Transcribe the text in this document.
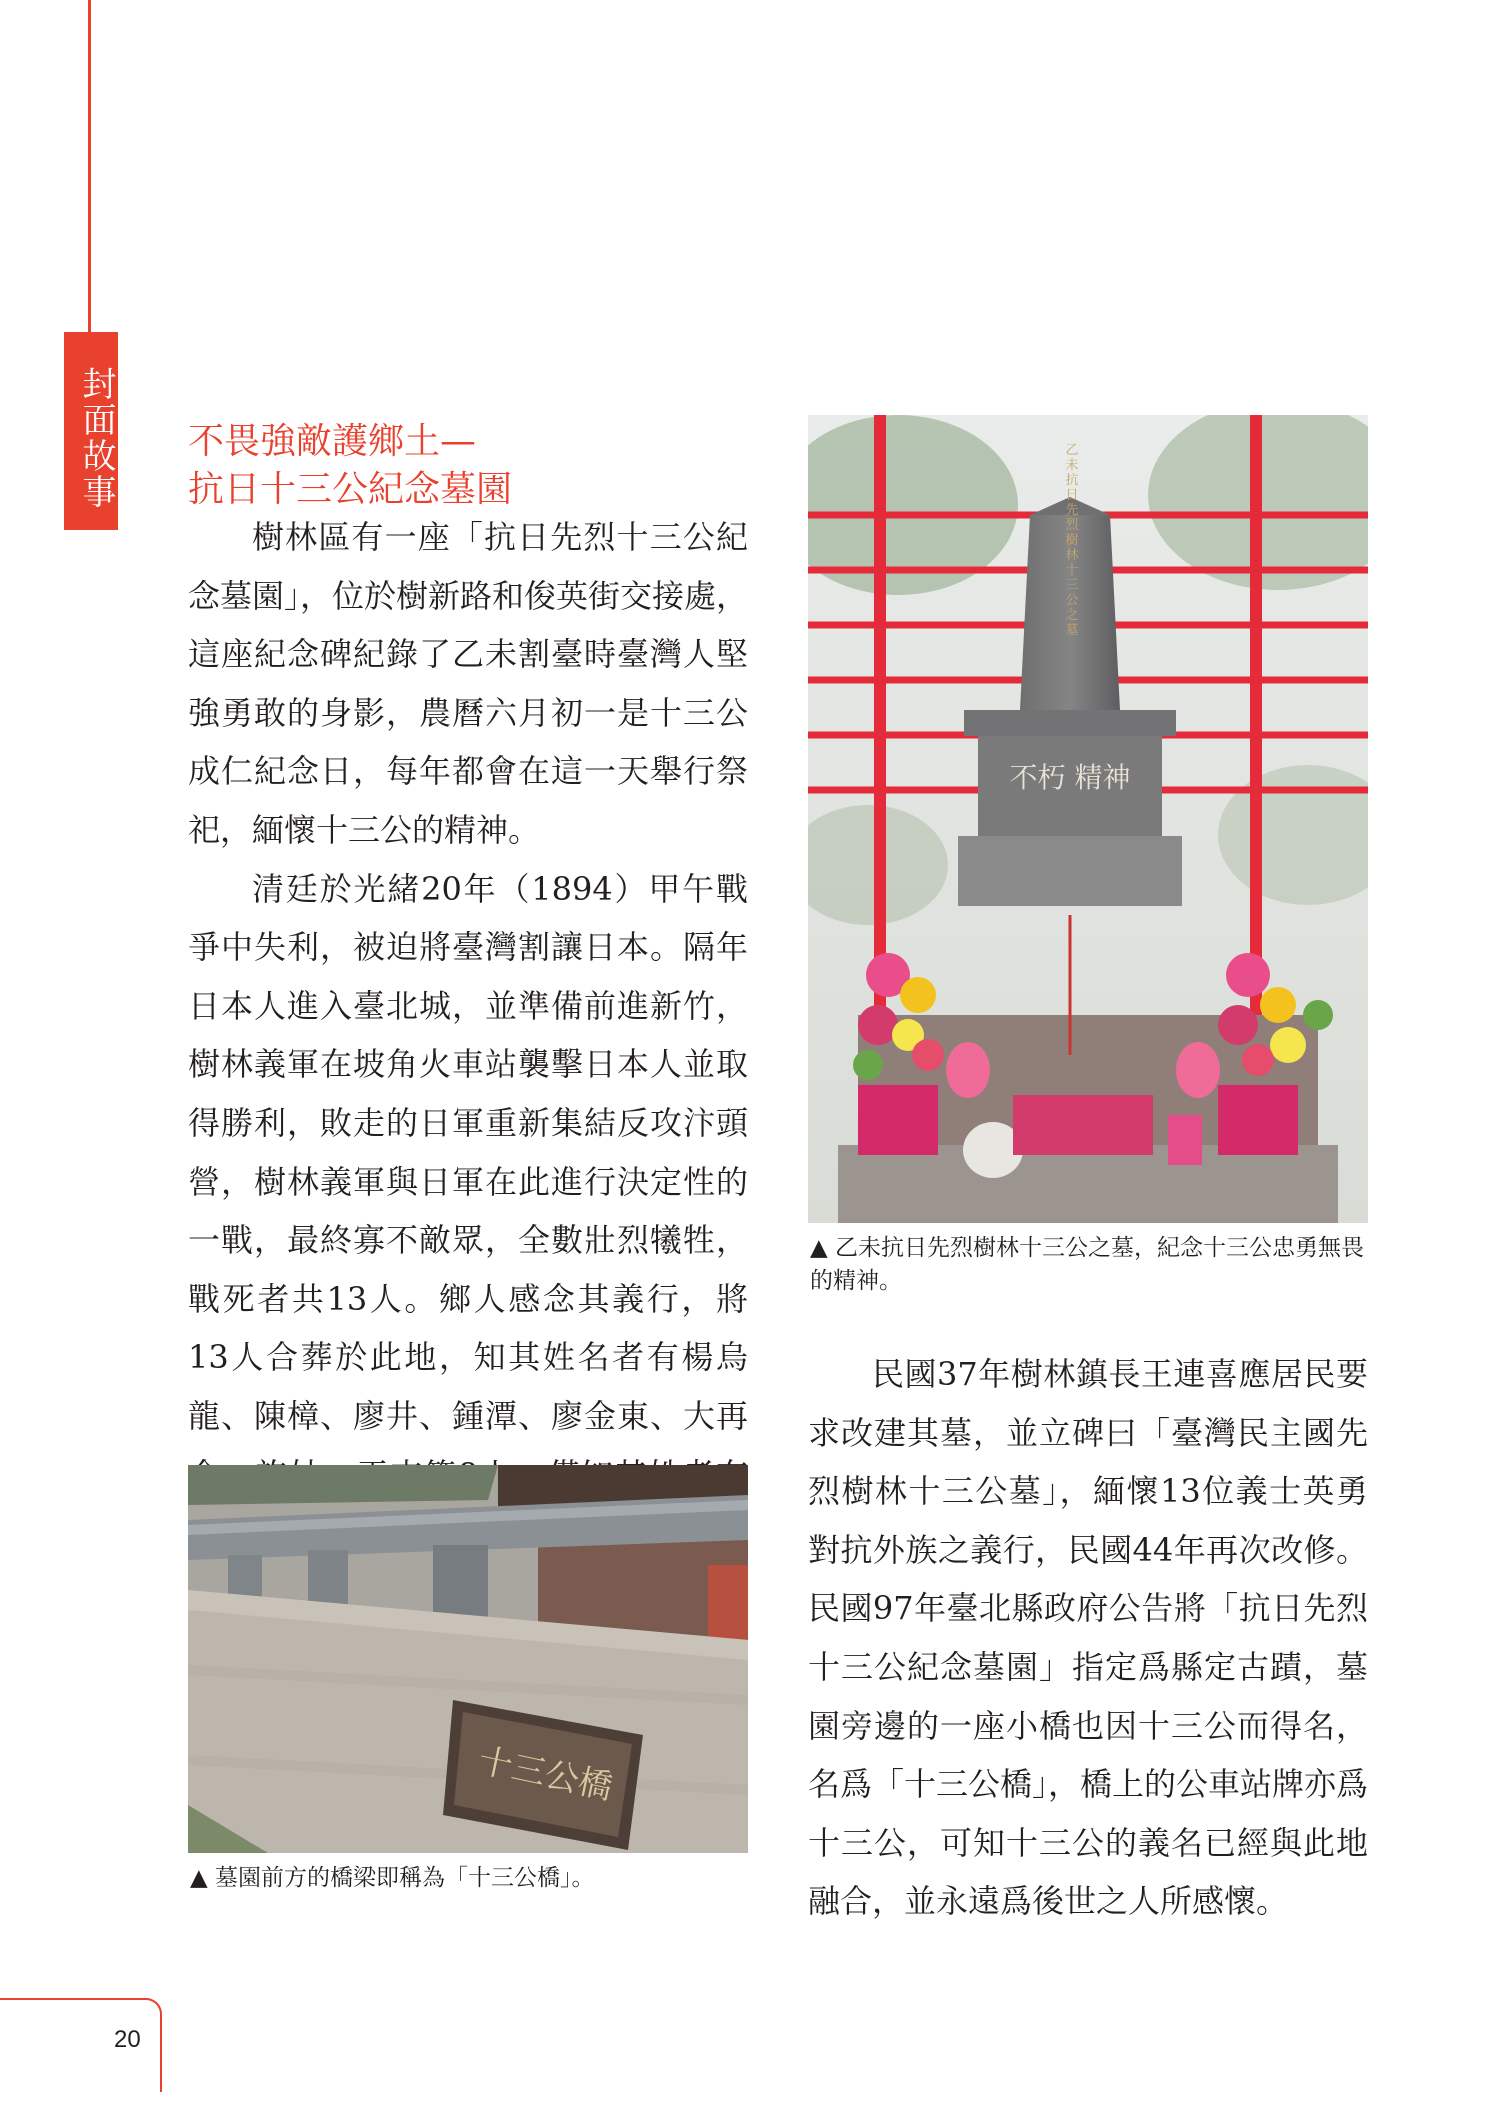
封面故事 不畏強敵護鄉土—
抗日十三公紀念墓園

樹林區有一座「抗日先烈十三公紀念墓園」，位於樹新路和俊英街交接處，這座紀念碑紀錄了乙未割臺時臺灣人堅強勇敢的身影，農曆六月初一是十三公成仁紀念日，每年都會在這一天舉行祭祀，緬懷十三公的精神。

清廷於光緒20年（1894）甲午戰爭中失利，被迫將臺灣割讓日本。隔年日本人進入臺北城，並準備前進新竹，樹林義軍在坡角火車站襲擊日本人並取得勝利，敗走的日軍重新集結反攻汴頭營，樹林義軍與日軍在此進行決定性的一戰，最終寡不敵眾，全數壯烈犧牲，戰死者共13人。鄉人感念其義行，將13人合葬於此地，知其姓名者有楊烏龍、陳樟、廖井、鍾潭、廖金東、大再

乙未抗日先烈樹林十三公之墓
不朽 精神
▲ 乙未抗日先烈樹林十三公之墓，紀念十三公忠勇無畏的精神。

民國37年樹林鎮長王連喜應居民要求改建其墓，並立碑曰「臺灣民主國先烈樹林十三公墓」，緬懷13位義士英勇對抗外族之義行，民國44年再次改修。民國97年臺北縣政府公告將「抗日先烈十三公紀念墓園」指定爲縣定古蹟，墓園旁邊的一座小橋也因十三公而得名，名爲「十三公橋」，橋上的公車站牌亦爲十三公，可知十三公的義名已經與此地融合，並永遠爲後世之人所感懷。

十三公橋
▲ 墓園前方的橋梁即稱為「十三公橋」。
20
